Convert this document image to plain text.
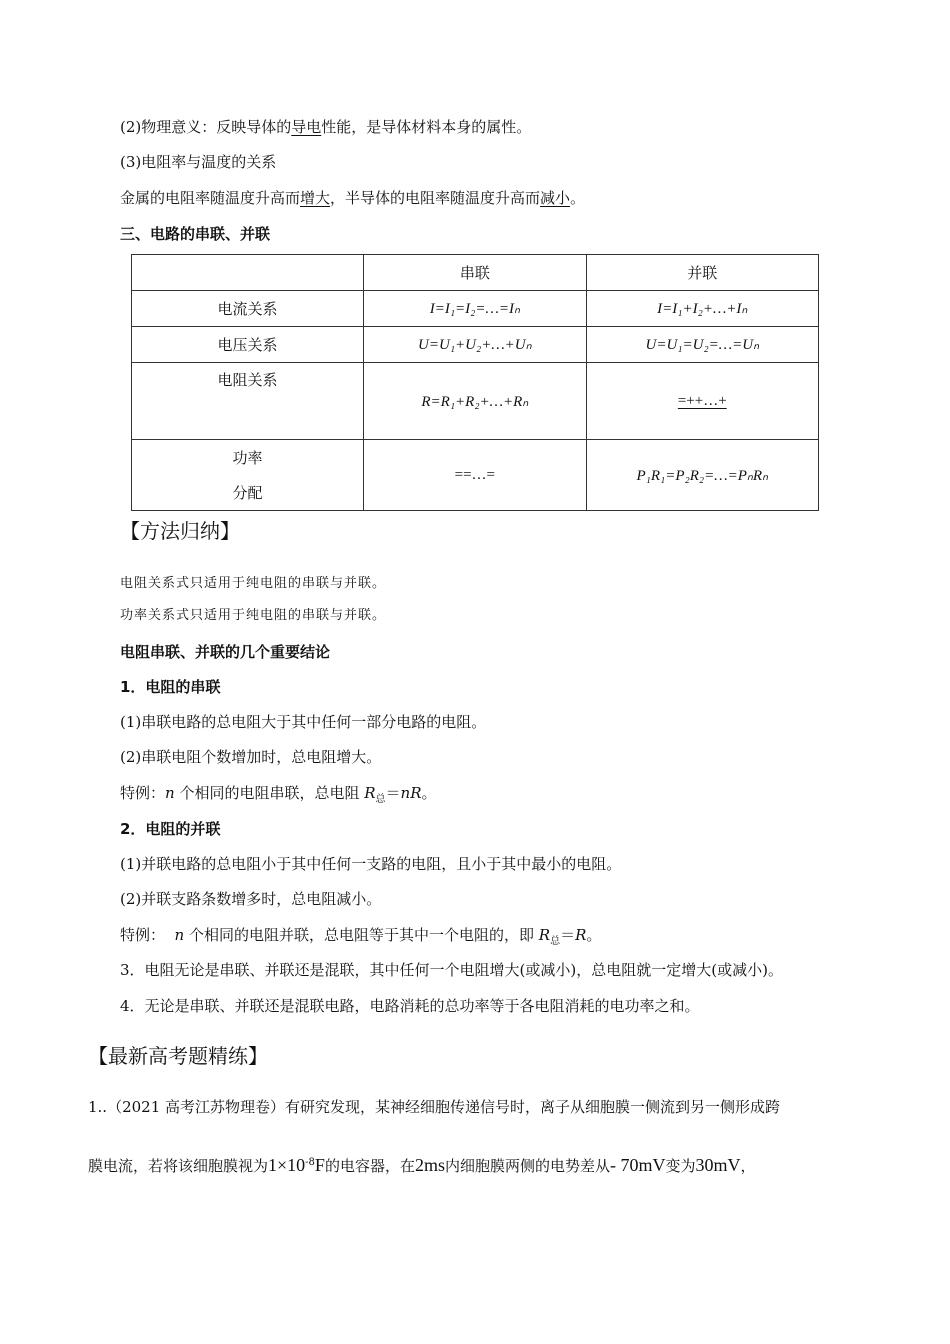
(2)物理意义：反映导体的导电性能，是导体材料本身的属性。
(3)电阻率与温度的关系
金属的电阻率随温度升高而增大，半导体的电阻率随温度升高而减小。
三、电路的串联、并联
	串联	并联
电流关系	I=I₁=I₂=…=Iₙ	I=I₁+I₂+…+Iₙ
电压关系	U=U₁+U₂+…+Uₙ	U=U₁=U₂=…=Uₙ
电阻关系	R=R₁+R₂+…+Rₙ	=++…+

功率
分配	==…=	P₁R₁=P₂R₂=…=PₙRₙ
【方法归纳】
电阻关系式只适用于纯电阻的串联与并联。
功率关系式只适用于纯电阻的串联与并联。
电阻串联、并联的几个重要结论
1．电阻的串联
(1)串联电路的总电阻大于其中任何一部分电路的电阻。
(2)串联电阻个数增加时，总电阻增大。
特例：n 个相同的电阻串联，总电阻 $R_总=nR$。
2．电阻的并联
(1)并联电路的总电阻小于其中任何一支路的电阻，且小于其中最小的电阻。
(2)并联支路条数增多时，总电阻减小。
特例：  n 个相同的电阻并联，总电阻等于其中一个电阻的，即 $R_总=R$。
3．电阻无论是串联、并联还是混联，其中任何一个电阻增大(或减小)，总电阻就一定增大(或减小)。
4．无论是串联、并联还是混联电路，电路消耗的总功率等于各电阻消耗的电功率之和。
【最新高考题精练】
1..（2021 高考江苏物理卷）有研究发现，某神经细胞传递信号时，离子从细胞膜一侧流到另一侧形成跨
膜电流，若将该细胞膜视为$1\times 10^{-8}F$的电容器，在2ms内细胞膜两侧的电势差从- 70mV变为30mV，
